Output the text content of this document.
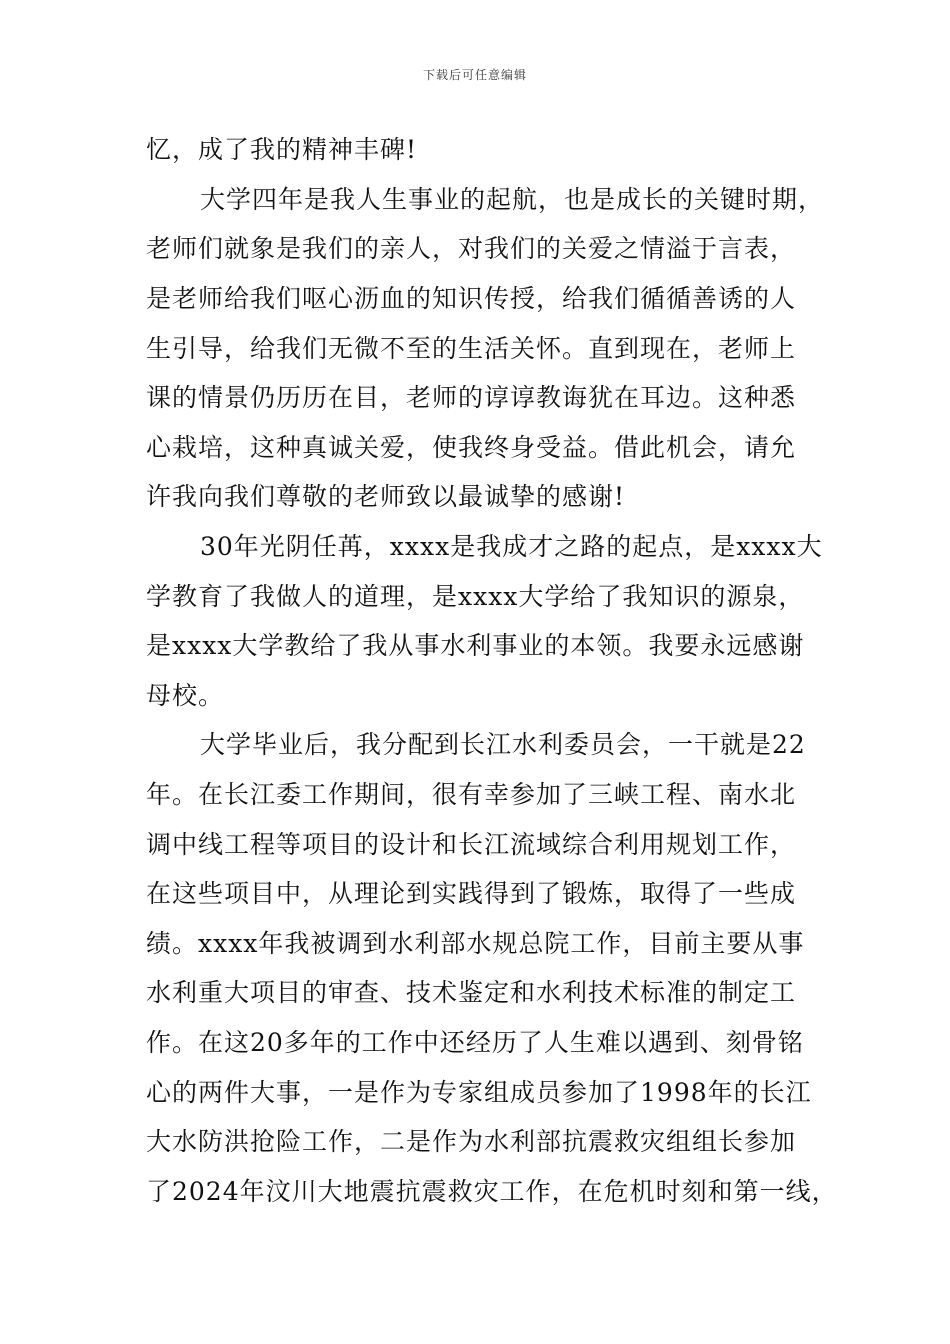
下载后可任意编辑
忆，成了我的精神丰碑!
大学四年是我人生事业的起航，也是成长的关键时期，
老师们就象是我们的亲人，对我们的关爱之情溢于言表，
是老师给我们呕心沥血的知识传授，给我们循循善诱的人
生引导，给我们无微不至的生活关怀。直到现在，老师上
课的情景仍历历在目，老师的谆谆教诲犹在耳边。这种悉
心栽培，这种真诚关爱，使我终身受益。借此机会，请允
许我向我们尊敬的老师致以最诚挚的感谢!
30年光阴任苒，xxxx是我成才之路的起点，是xxxx大
学教育了我做人的道理，是xxxx大学给了我知识的源泉，
是xxxx大学教给了我从事水利事业的本领。我要永远感谢
母校。
大学毕业后，我分配到长江水利委员会，一干就是22
年。在长江委工作期间，很有幸参加了三峡工程、南水北
调中线工程等项目的设计和长江流域综合利用规划工作，
在这些项目中，从理论到实践得到了锻炼，取得了一些成
绩。xxxx年我被调到水利部水规总院工作，目前主要从事
水利重大项目的审查、技术鉴定和水利技术标准的制定工
作。在这20多年的工作中还经历了人生难以遇到、刻骨铭
心的两件大事，一是作为专家组成员参加了1998年的长江
大水防洪抢险工作，二是作为水利部抗震救灾组组长参加
了2024年汶川大地震抗震救灾工作，在危机时刻和第一线，
